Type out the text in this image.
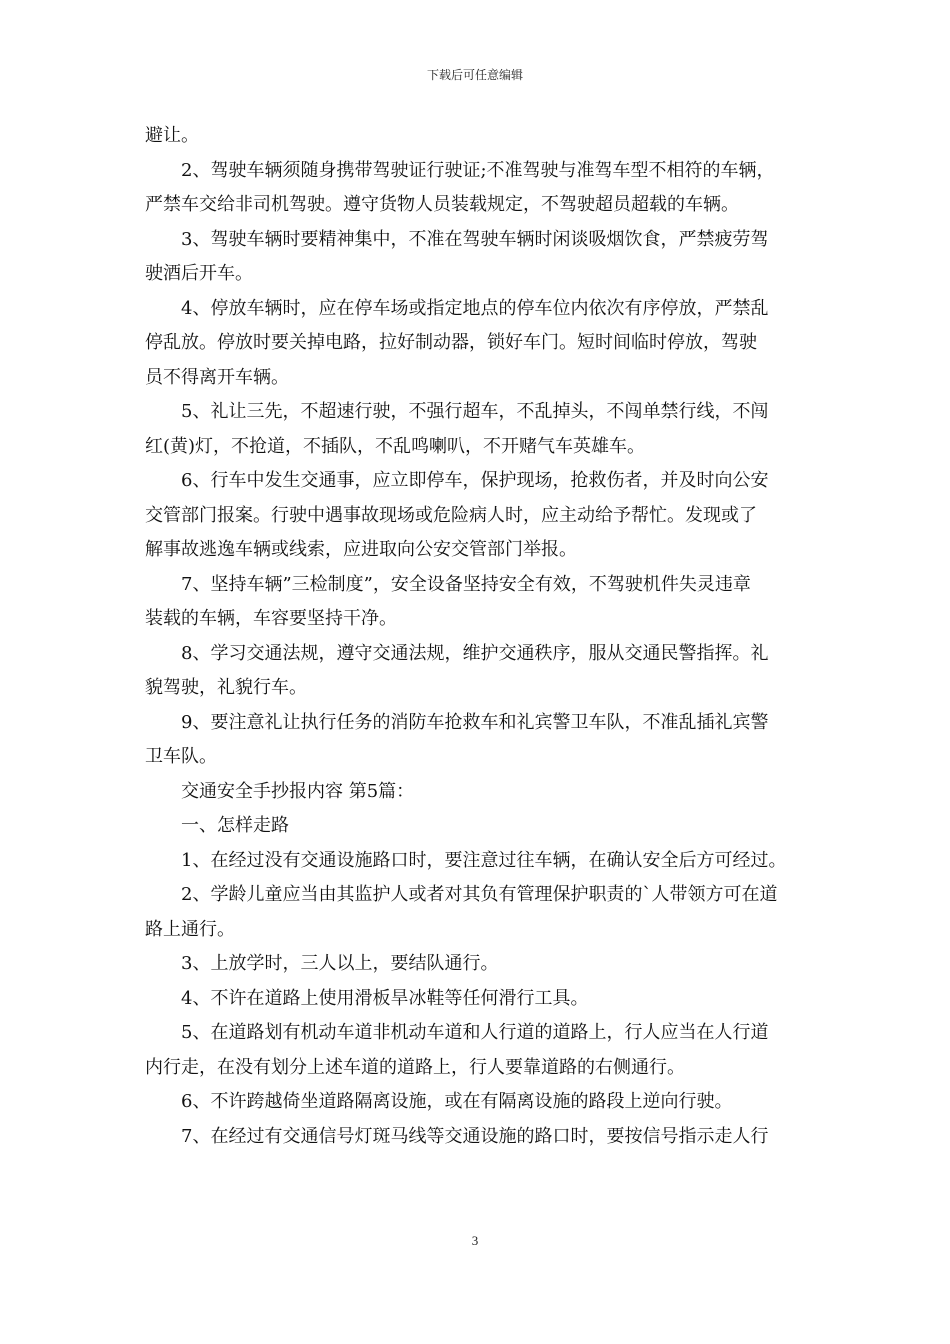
下载后可任意编辑

避让。

　　2、驾驶车辆须随身携带驾驶证行驶证;不准驾驶与准驾车型不相符的车辆，

严禁车交给非司机驾驶。遵守货物人员装载规定，不驾驶超员超载的车辆。

　　3、驾驶车辆时要精神集中，不准在驾驶车辆时闲谈吸烟饮食，严禁疲劳驾

驶酒后开车。

　　4、停放车辆时，应在停车场或指定地点的停车位内依次有序停放，严禁乱

停乱放。停放时要关掉电路，拉好制动器，锁好车门。短时间临时停放，驾驶

员不得离开车辆。

　　5、礼让三先，不超速行驶，不强行超车，不乱掉头，不闯单禁行线，不闯

红(黄)灯，不抢道，不插队，不乱鸣喇叭，不开赌气车英雄车。

　　6、行车中发生交通事，应立即停车，保护现场，抢救伤者，并及时向公安

交管部门报案。行驶中遇事故现场或危险病人时，应主动给予帮忙。发现或了

解事故逃逸车辆或线索，应进取向公安交管部门举报。

　　7、坚持车辆”三检制度”，安全设备坚持安全有效，不驾驶机件失灵违章

装载的车辆，车容要坚持干净。

　　8、学习交通法规，遵守交通法规，维护交通秩序，服从交通民警指挥。礼

貌驾驶，礼貌行车。

　　9、要注意礼让执行任务的消防车抢救车和礼宾警卫车队，不准乱插礼宾警

卫车队。

　　交通安全手抄报内容 第5篇：

　　一、怎样走路

　　1、在经过没有交通设施路口时，要注意过往车辆，在确认安全后方可经过。

　　2、学龄儿童应当由其监护人或者对其负有管理保护职责的`人带领方可在道

路上通行。

　　3、上放学时，三人以上，要结队通行。

　　4、不许在道路上使用滑板旱冰鞋等任何滑行工具。

　　5、在道路划有机动车道非机动车道和人行道的道路上，行人应当在人行道

内行走，在没有划分上述车道的道路上，行人要靠道路的右侧通行。

　　6、不许跨越倚坐道路隔离设施，或在有隔离设施的路段上逆向行驶。

　　7、在经过有交通信号灯斑马线等交通设施的路口时，要按信号指示走人行

3
